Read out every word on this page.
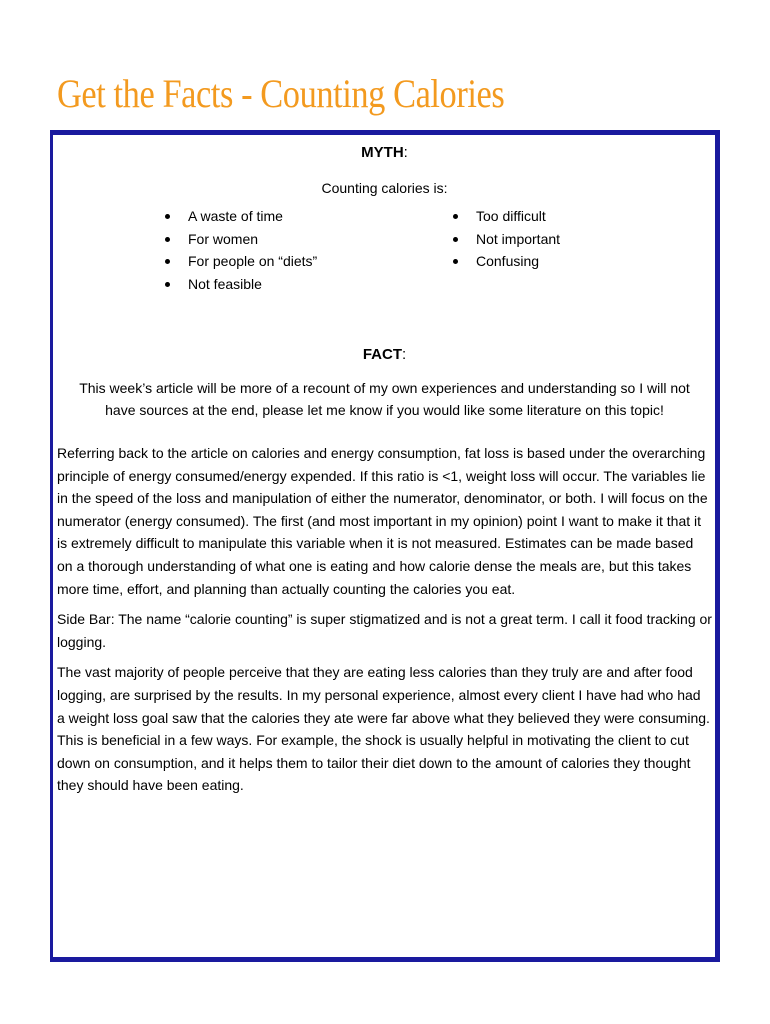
Get the Facts - Counting Calories

MYTH:

Counting calories is:

A waste of time
For women
For people on “diets”
Not feasible
Too difficult
Not important
Confusing

FACT:

This week’s article will be more of a recount of my own experiences and understanding so I will not have sources at the end, please let me know if you would like some literature on this topic!

Referring back to the article on calories and energy consumption, fat loss is based under the overarching principle of energy consumed/energy expended. If this ratio is <1, weight loss will occur. The variables lie in the speed of the loss and manipulation of either the numerator, denominator, or both. I will focus on the numerator (energy consumed). The first (and most important in my opinion) point I want to make it that it is extremely difficult to manipulate this variable when it is not measured. Estimates can be made based on a thorough understanding of what one is eating and how calorie dense the meals are, but this takes more time, effort, and planning than actually counting the calories you eat.

Side Bar: The name “calorie counting” is super stigmatized and is not a great term. I call it food tracking or logging.

The vast majority of people perceive that they are eating less calories than they truly are and after food logging, are surprised by the results. In my personal experience, almost every client I have had who had a weight loss goal saw that the calories they ate were far above what they believed they were consuming. This is beneficial in a few ways. For example, the shock is usually helpful in motivating the client to cut down on consumption, and it helps them to tailor their diet down to the amount of calories they thought they should have been eating.
